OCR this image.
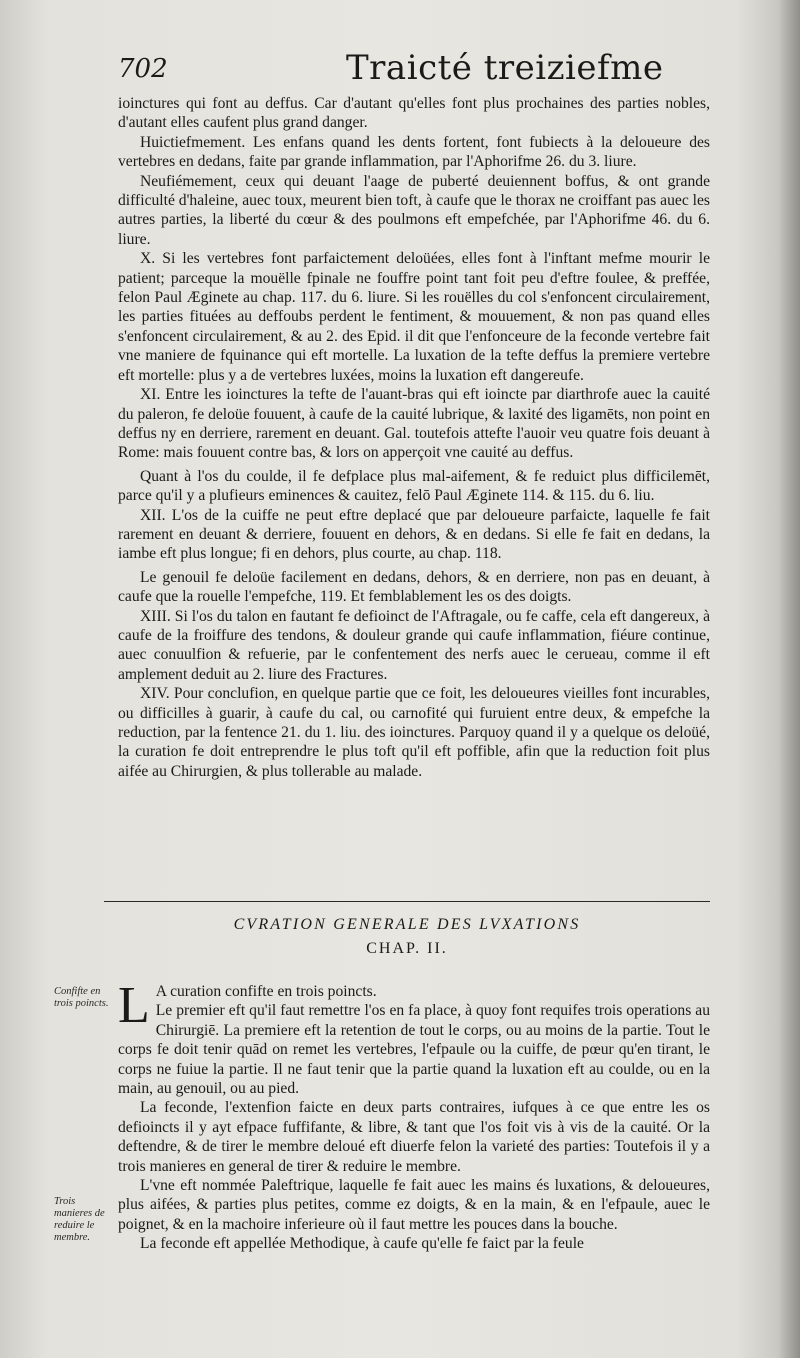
702	Traicté treiziefme

ioinctures qui font au deffus. Car d'autant qu'elles font plus prochaines des parties nobles, d'autant elles caufent plus grand danger.

Huictiefmement. Les enfans quand les dents fortent, font fubiects à la deloueure des vertebres en dedans, faite par grande inflammation, par l'Aphorifme 26. du 3. liure.

Neufiémement, ceux qui deuant l'aage de puberté deuiennent boffus, & ont grande difficulté d'haleine, auec toux, meurent bien toft, à caufe que le thorax ne croiffant pas auec les autres parties, la liberté du cœur & des poulmons eft empefchée, par l'Aphorifme 46. du 6. liure.

X. Si les vertebres font parfaictement deloüées, elles font à l'inftant mefme mourir le patient; parceque la mouëlle fpinale ne fouffre point tant foit peu d'eftre foulee, & preffée, felon Paul Æginete au chap. 117. du 6. liure. Si les rouëlles du col s'enfoncent circulairement, les parties fituées au deffoubs perdent le fentiment, & mouuement, & non pas quand elles s'enfoncent circulairement, & au 2. des Epid. il dit que l'enfonceure de la feconde vertebre fait vne maniere de fquinance qui eft mortelle. La luxation de la tefte deffus la premiere vertebre eft mortelle: plus y a de vertebres luxées, moins la luxation eft dangereufe.

XI. Entre les ioinctures la tefte de l'auant-bras qui eft ioincte par diarthrofe auec la cauité du paleron, fe deloüe fouuent, à caufe de la cauité lubrique, & laxité des ligamēts, non point en deffus ny en derriere, rarement en deuant. Gal. toutefois attefte l'auoir veu quatre fois deuant à Rome: mais fouuent contre bas, & lors on apperçoit vne cauité au deffus.

Quant à l'os du coulde, il fe defplace plus mal-aifement, & fe reduict plus difficilemēt, parce qu'il y a plufieurs eminences & cauitez, felō Paul Æginete 114. & 115. du 6. liu.

XII. L'os de la cuiffe ne peut eftre deplacé que par deloueure parfaicte, laquelle fe fait rarement en deuant & derriere, fouuent en dehors, & en dedans. Si elle fe fait en dedans, la iambe eft plus longue; fi en dehors, plus courte, au chap. 118.

Le genouil fe deloüe facilement en dedans, dehors, & en derriere, non pas en deuant, à caufe que la rouelle l'empefche, 119. Et femblablement les os des doigts.

XIII. Si l'os du talon en fautant fe defioinct de l'Aftragale, ou fe caffe, cela eft dangereux, à caufe de la froiffure des tendons, & douleur grande qui caufe inflammation, fiéure continue, auec conuulfion & refuerie, par le confentement des nerfs auec le cerueau, comme il eft amplement deduit au 2. liure des Fractures.

XIV. Pour conclufion, en quelque partie que ce foit, les deloueures vieilles font incurables, ou difficilles à guarir, à caufe du cal, ou carnofité qui furuient entre deux, & empefche la reduction, par la fentence 21. du 1. liu. des ioinctures. Parquoy quand il y a quelque os deloüé, la curation fe doit entreprendre le plus toft qu'il eft poffible, afin que la reduction foit plus aifée au Chirurgien, & plus tollerable au malade.

CVRATION GENERALE DES LVXATIONS
CHAP. II.
Confifte en trois poincts.
Trois manieres de reduire le membre.

L A curation confifte en trois poincts.
Le premier eft qu'il faut remettre l'os en fa place, à quoy font requifes trois operations au Chirurgiē. La premiere eft la retention de tout le corps, ou au moins de la partie. Tout le corps fe doit tenir quād on remet les vertebres, l'efpaule ou la cuiffe, de pœur qu'en tirant, le corps ne fuiue la partie. Il ne faut tenir que la partie quand la luxation eft au coulde, ou en la main, au genouil, ou au pied.

La feconde, l'extenfion faicte en deux parts contraires, iufques à ce que entre les os defioincts il y ayt efpace fuffifante, & libre, & tant que l'os foit vis à vis de la cauité. Or la deftendre, & de tirer le membre deloué eft diuerfe felon la varieté des parties: Toutefois il y a trois manieres en general de tirer & reduire le membre.

L'vne eft nommée Paleftrique, laquelle fe fait auec les mains és luxations, & deloueures, plus aifées, & parties plus petites, comme ez doigts, & en la main, & en l'efpaule, auec le poignet, & en la machoire inferieure où il faut mettre les pouces dans la bouche.

La feconde eft appellée Methodique, à caufe qu'elle fe faict par la feule
